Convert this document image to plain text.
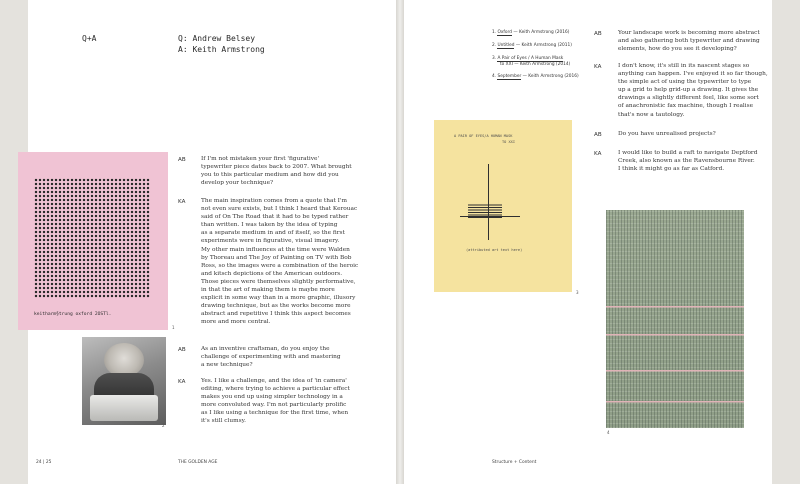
Q+A	Q: Andrew Belsey
A: Keith Armstrong
keitharm§trung oxford 2OSTl.
1
2
AB	If I'm not mistaken your first 'figurative'
typewriter piece dates back to 2007. What brought
you to this particular medium and how did you
develop your technique?
KA	The main inspiration comes from a quote that I'm
not even sure exists, but I think I heard that Kerouac
said of On The Road that it had to be typed rather
than written. I was taken by the idea of typing
as a separate medium in and of itself, so the first
experiments were in figurative, visual imagery.
My other main influences at the time were Walden
by Thoreau and The Joy of Painting on TV with Bob
Ross, so the images were a combination of the heroic
and kitsch depictions of the American outdoors.
Those pieces were themselves slightly performative,
in that the art of making them is maybe more
explicit in some way than in a more graphic, illusory
drawing technique, but as the works become more
abstract and repetitive I think this aspect becomes
more and more central.
AB	As an inventive craftsman, do you enjoy the
challenge of experimenting with and mastering
a new technique?
KA	Yes. I like a challenge, and the idea of 'in camera'
editing, where trying to achieve a particular effect
makes you end up using simpler technology in a
more convoluted way. I'm not particularly prolific
as I like using a technique for the first time, when
it's still clumsy.
24 | 25	THE GOLDEN AGE
1. Oxford — Keith Armstrong (2016)
2. Untitled — Keith Armstrong (2011)
3. A Pair of Eyes / A Human Mask
to XXI — Keith Armstrong (2014)
4. September — Keith Armstrong (2016)
AB	Your landscape work is becoming more abstract
and also gathering both typewriter and drawing
elements, how do you see it developing?
KA	I don't know, it's still in its nascent stages so
anything can happen. I've enjoyed it so far though,
the simple act of using the typewriter to type
up a grid to help grid-up a drawing. It gives the
drawings a slightly different feel, like some sort
of anachronistic fax machine, though I realise
that's now a tautology.
AB	Do you have unrealised projects?
KA	I would like to build a raft to navigate Deptford
Creek, also known as the Ravensbourne River.
I think it might go as far as Catford.
A PAIR OF EYES/A HUMAN MASK
TO XXI
(attributed art text here)
3
4
Structure + Content
